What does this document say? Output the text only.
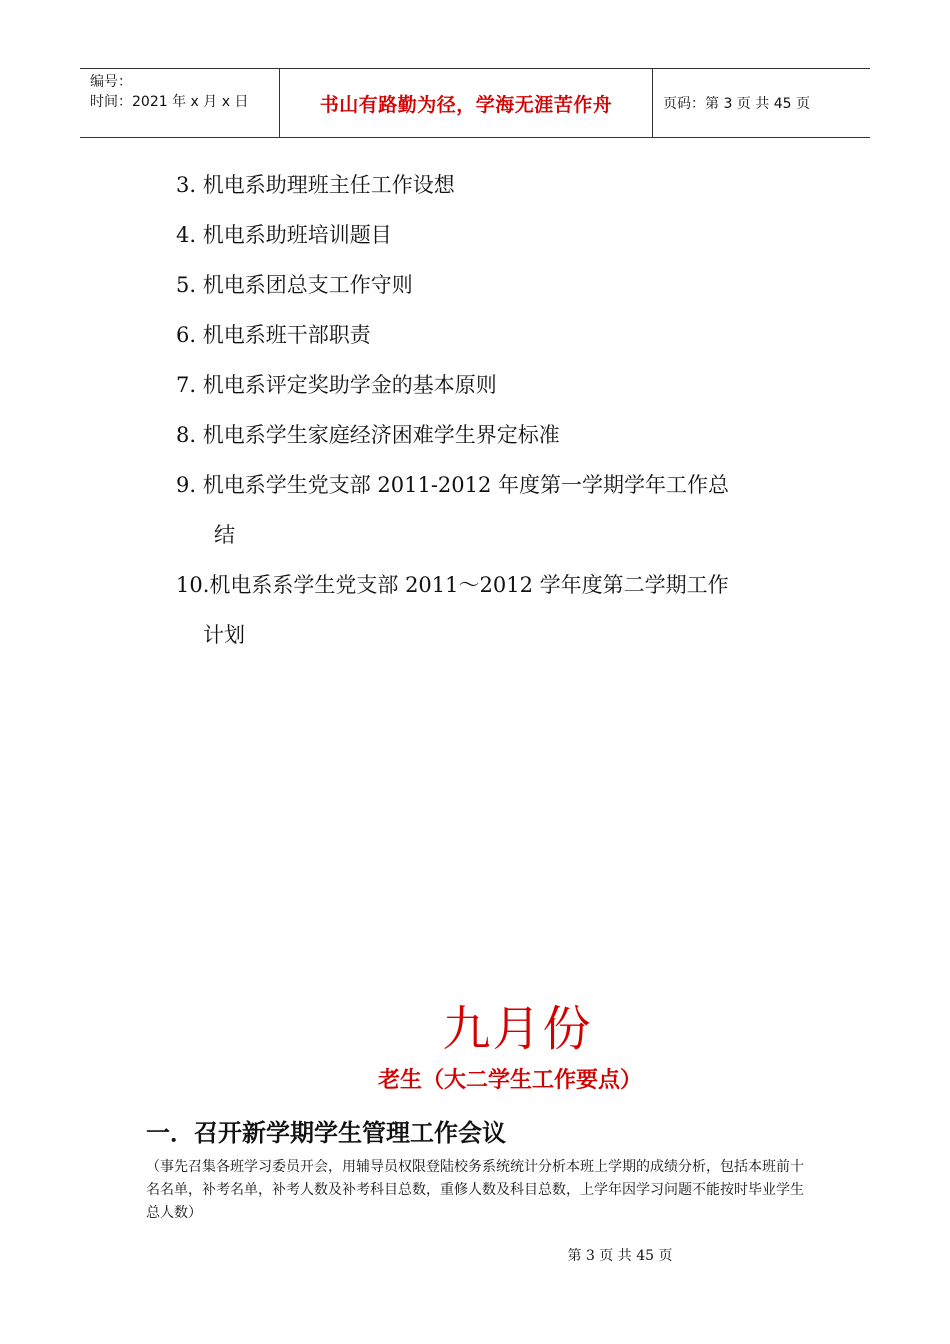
编号：
时间：2021 年 x 月 x 日	书山有路勤为径，学海无涯苦作舟	页码：第 3 页 共 45 页
3. 机电系助理班主任工作设想
4. 机电系助班培训题目
5. 机电系团总支工作守则
6. 机电系班干部职责
7. 机电系评定奖助学金的基本原则
8. 机电系学生家庭经济困难学生界定标准
9. 机电系学生党支部 2011-2012 年度第一学期学年工作总
结
10.机电系系学生党支部 2011～2012 学年度第二学期工作
计划
九月份
老生（大二学生工作要点）
一．召开新学期学生管理工作会议
（事先召集各班学习委员开会，用辅导员权限登陆校务系统统计分析本班上学期的成绩分析，包括本班前十名名单，补考名单，补考人数及补考科目总数，重修人数及科目总数，上学年因学习问题不能按时毕业学生总人数）
第 3 页 共 45 页
